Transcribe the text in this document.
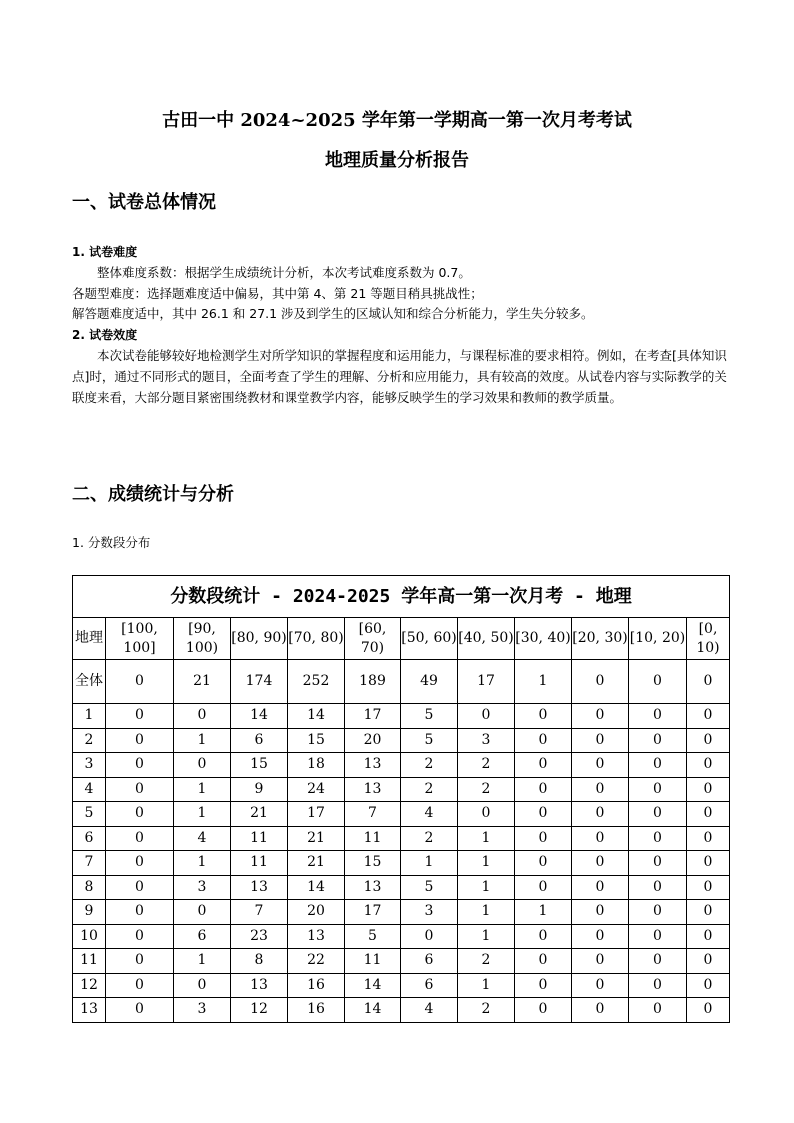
古田一中 2024~2025 学年第一学期高一第一次月考考试
地理质量分析报告
一、试卷总体情况

1. 试卷难度

整体难度系数：根据学生成绩统计分析，本次考试难度系数为 0.7。

各题型难度：选择题难度适中偏易，其中第 4、第 21 等题目稍具挑战性；

解答题难度适中，其中 26.1 和 27.1 涉及到学生的区域认知和综合分析能力，学生失分较多。

2. 试卷效度

本次试卷能够较好地检测学生对所学知识的掌握程度和运用能力，与课程标准的要求相符。例如，在考查[具体知识点]时，通过不同形式的题目，全面考查了学生的理解、分析和应用能力，具有较高的效度。从试卷内容与实际教学的关联度来看，大部分题目紧密围绕教材和课堂教学内容，能够反映学生的学习效果和教师的教学质量。

二、成绩统计与分析

1. 分数段分布

分数段统计 - 2024-2025 学年高一第一次月考 - 地理											
地理	[100, 100]	[90, 100)	[80, 90)	[70, 80)	[60, 70)	[50, 60)	[40, 50)	[30, 40)	[20, 30)	[10, 20)	[0, 10)
全体	0	21	174	252	189	49	17	1	0	0	0
1	0	0	14	14	17	5	0	0	0	0	0
2	0	1	6	15	20	5	3	0	0	0	0
3	0	0	15	18	13	2	2	0	0	0	0
4	0	1	9	24	13	2	2	0	0	0	0
5	0	1	21	17	7	4	0	0	0	0	0
6	0	4	11	21	11	2	1	0	0	0	0
7	0	1	11	21	15	1	1	0	0	0	0
8	0	3	13	14	13	5	1	0	0	0	0
9	0	0	7	20	17	3	1	1	0	0	0
10	0	6	23	13	5	0	1	0	0	0	0
11	0	1	8	22	11	6	2	0	0	0	0
12	0	0	13	16	14	6	1	0	0	0	0
13	0	3	12	16	14	4	2	0	0	0	0
